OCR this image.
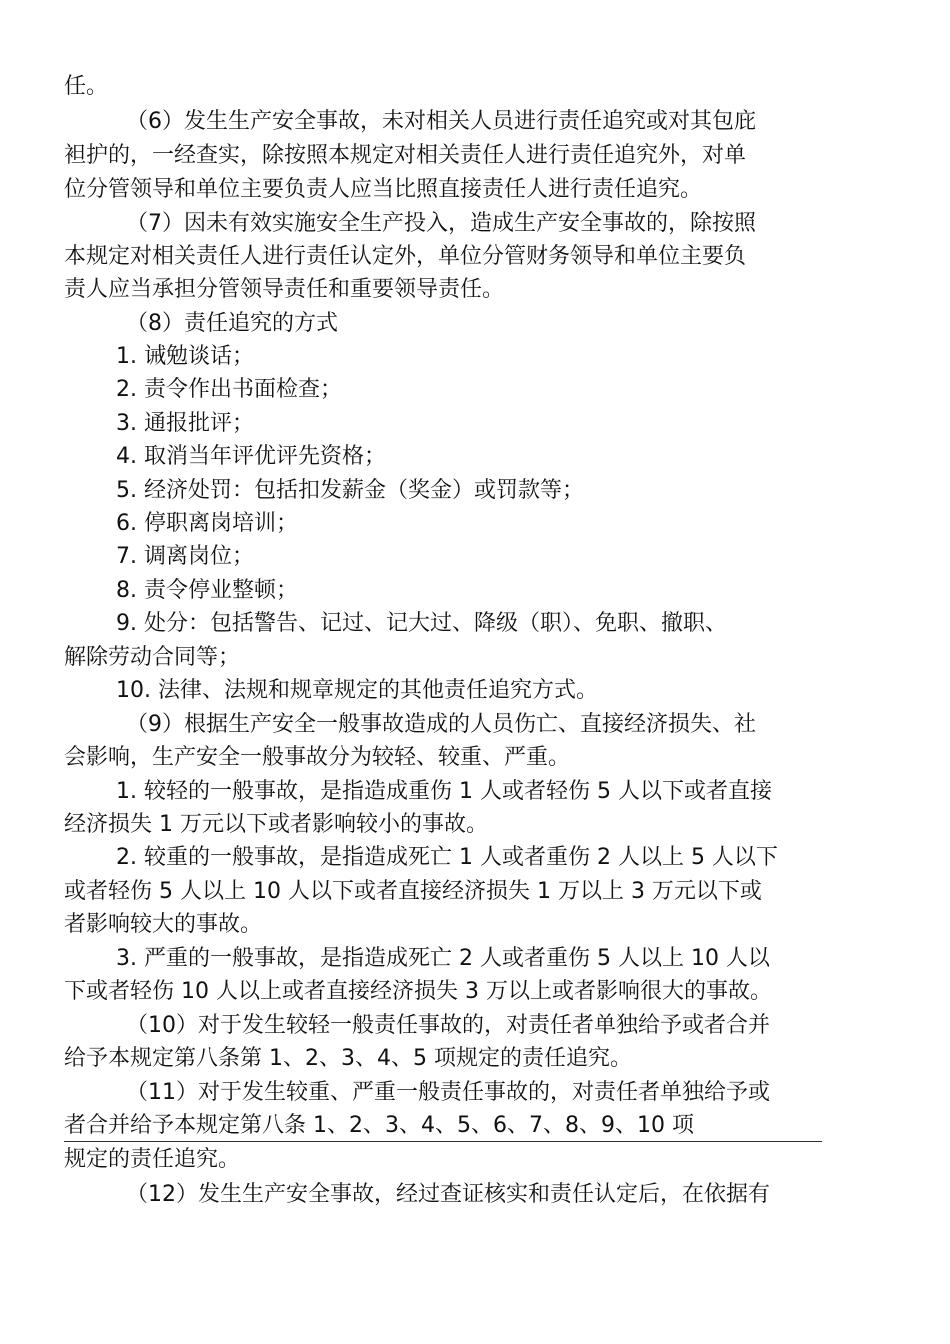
任。
（6）发生生产安全事故，未对相关人员进行责任追究或对其包庇
袒护的，一经查实，除按照本规定对相关责任人进行责任追究外，对单
位分管领导和单位主要负责人应当比照直接责任人进行责任追究。
（7）因未有效实施安全生产投入，造成生产安全事故的，除按照
本规定对相关责任人进行责任认定外，单位分管财务领导和单位主要负
责人应当承担分管领导责任和重要领导责任。
（8）责任追究的方式
1. 诫勉谈话；
2. 责令作出书面检查；
3. 通报批评；
4. 取消当年评优评先资格；
5. 经济处罚：包括扣发薪金（奖金）或罚款等；
6. 停职离岗培训；
7. 调离岗位；
8. 责令停业整顿；
9. 处分：包括警告、记过、记大过、降级（职）、免职、撤职、
解除劳动合同等；
10. 法律、法规和规章规定的其他责任追究方式。
（9）根据生产安全一般事故造成的人员伤亡、直接经济损失、社
会影响，生产安全一般事故分为较轻、较重、严重。
1. 较轻的一般事故，是指造成重伤 1 人或者轻伤 5 人以下或者直接
经济损失 1 万元以下或者影响较小的事故。
2. 较重的一般事故，是指造成死亡 1 人或者重伤 2 人以上 5 人以下
或者轻伤 5 人以上 10 人以下或者直接经济损失 1 万以上 3 万元以下或
者影响较大的事故。
3. 严重的一般事故，是指造成死亡 2 人或者重伤 5 人以上 10 人以
下或者轻伤 10 人以上或者直接经济损失 3 万以上或者影响很大的事故。
（10）对于发生较轻一般责任事故的，对责任者单独给予或者合并
给予本规定第八条第 1、2、3、4、5 项规定的责任追究。
（11）对于发生较重、严重一般责任事故的，对责任者单独给予或
者合并给予本规定第八条 1、2、3、4、5、6、7、8、9、10 项
规定的责任追究。
（12）发生生产安全事故，经过查证核实和责任认定后，在依据有
